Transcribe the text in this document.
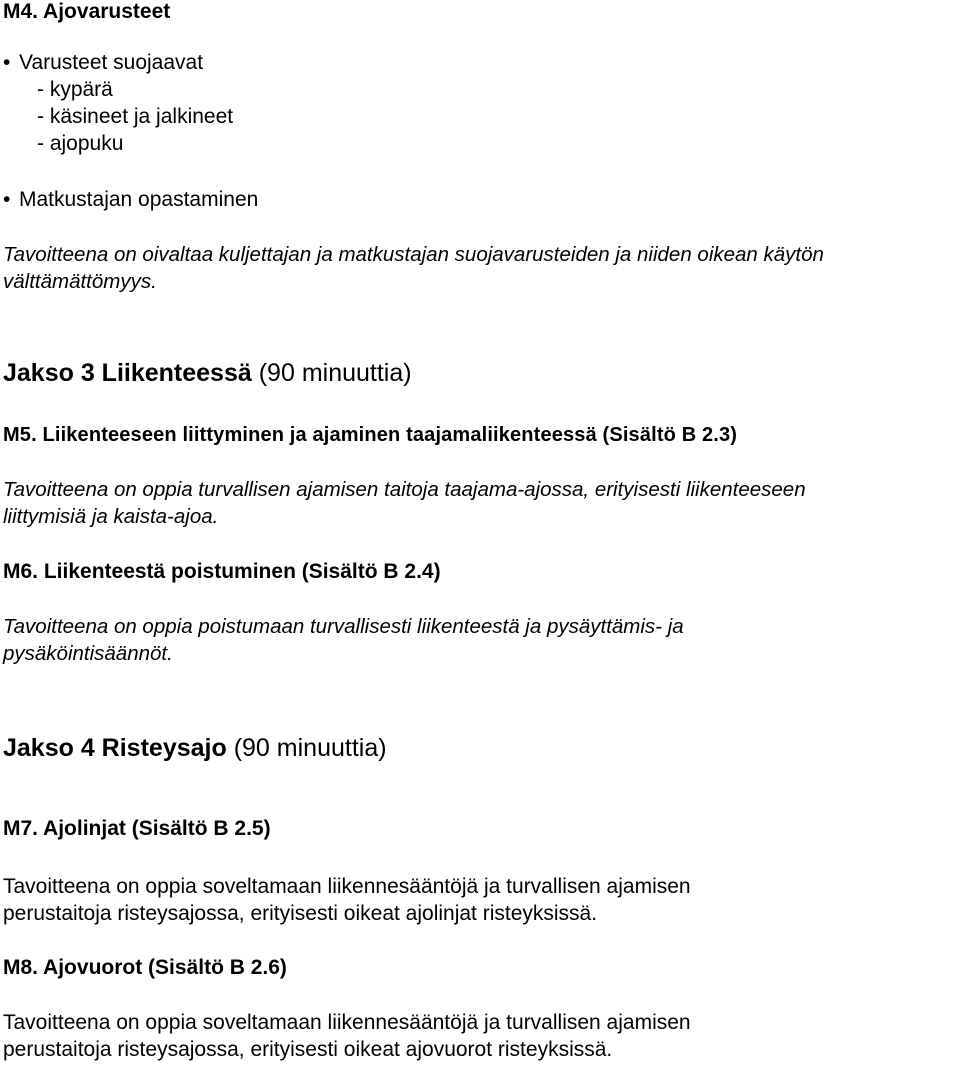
M4. Ajovarusteet
• Varusteet suojaavat
- kypärä
- käsineet ja jalkineet
- ajopuku
• Matkustajan opastaminen

Tavoitteena on oivaltaa kuljettajan ja matkustajan suojavarusteiden ja niiden oikean käytön
välttämättömyys.

Jakso 3 Liikenteessä (90 minuuttia)
M5. Liikenteeseen liittyminen ja ajaminen taajamaliikenteessä (Sisältö B 2.3)

Tavoitteena on oppia turvallisen ajamisen taitoja taajama-ajossa, erityisesti liikenteeseen
liittymisiä ja kaista-ajoa.

M6. Liikenteestä poistuminen (Sisältö B 2.4)

Tavoitteena on oppia poistumaan turvallisesti liikenteestä ja pysäyttämis- ja
pysäköintisäännöt.

Jakso 4 Risteysajo (90 minuuttia)
M7. Ajolinjat (Sisältö B 2.5)

Tavoitteena on oppia soveltamaan liikennesääntöjä ja turvallisen ajamisen
perustaitoja risteysajossa, erityisesti oikeat ajolinjat risteyksissä.

M8. Ajovuorot (Sisältö B 2.6)

Tavoitteena on oppia soveltamaan liikennesääntöjä ja turvallisen ajamisen
perustaitoja risteysajossa, erityisesti oikeat ajovuorot risteyksissä.
